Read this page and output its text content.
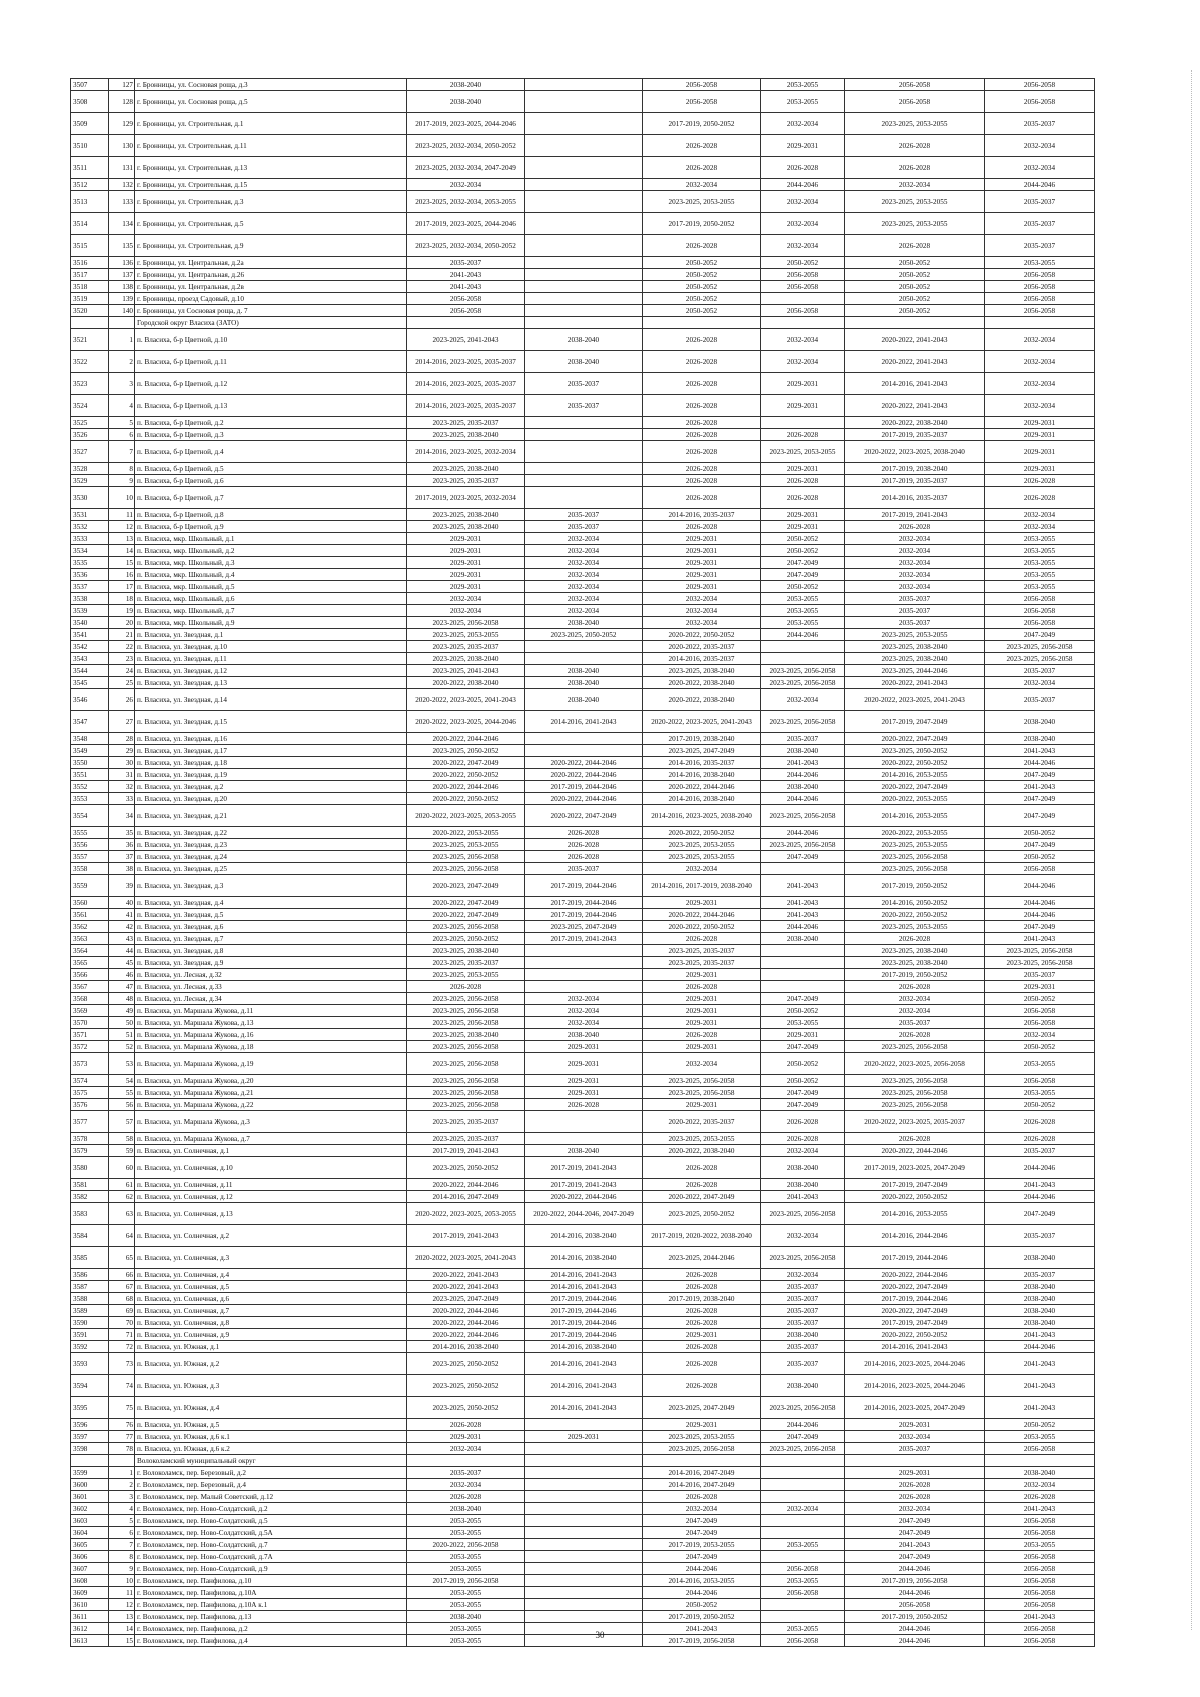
3507	127	г. Бронницы, ул. Сосновая роща, д.3	2038-2040		2056-2058	2053-2055	2056-2058	2056-2058
3508	128	г. Бронницы, ул. Сосновая роща, д.5	2038-2040		2056-2058	2053-2055	2056-2058	2056-2058
3509	129	г. Бронницы, ул. Строительная, д.1	2017-2019, 2023-2025, 2044-2046		2017-2019, 2050-2052	2032-2034	2023-2025, 2053-2055	2035-2037
3510	130	г. Бронницы, ул. Строительная, д.11	2023-2025, 2032-2034, 2050-2052		2026-2028	2029-2031	2026-2028	2032-2034
3511	131	г. Бронницы, ул. Строительная, д.13	2023-2025, 2032-2034, 2047-2049		2026-2028	2026-2028	2026-2028	2032-2034
3512	132	г. Бронницы, ул. Строительная, д.15	2032-2034		2032-2034	2044-2046	2032-2034	2044-2046
3513	133	г. Бронницы, ул. Строительная, д.3	2023-2025, 2032-2034, 2053-2055		2023-2025, 2053-2055	2032-2034	2023-2025, 2053-2055	2035-2037
3514	134	г. Бронницы, ул. Строительная, д.5	2017-2019, 2023-2025, 2044-2046		2017-2019, 2050-2052	2032-2034	2023-2025, 2053-2055	2035-2037
3515	135	г. Бронницы, ул. Строительная, д.9	2023-2025, 2032-2034, 2050-2052		2026-2028	2032-2034	2026-2028	2035-2037
3516	136	г. Бронницы, ул. Центральная, д.2а	2035-2037		2050-2052	2050-2052	2050-2052	2053-2055
3517	137	г. Бронницы, ул. Центральная, д.26	2041-2043		2050-2052	2056-2058	2050-2052	2056-2058
3518	138	г. Бронницы, ул. Центральная, д.2в	2041-2043		2050-2052	2056-2058	2050-2052	2056-2058
3519	139	г. Бронницы, проезд Садовый, д.10	2056-2058		2050-2052		2050-2052	2056-2058
3520	140	г. Бронницы, ул Сосновая роща, д. 7	2056-2058		2050-2052	2056-2058	2050-2052	2056-2058
		Городской округ Власиха (ЗАТО)						
3521	1	п. Власиха, б-р Цветной, д.10	2023-2025, 2041-2043	2038-2040	2026-2028	2032-2034	2020-2022, 2041-2043	2032-2034
3522	2	п. Власиха, б-р Цветной, д.11	2014-2016, 2023-2025, 2035-2037	2038-2040	2026-2028	2032-2034	2020-2022, 2041-2043	2032-2034
3523	3	п. Власиха, б-р Цветной, д.12	2014-2016, 2023-2025, 2035-2037	2035-2037	2026-2028	2029-2031	2014-2016, 2041-2043	2032-2034
3524	4	п. Власиха, б-р Цветной, д.13	2014-2016, 2023-2025, 2035-2037	2035-2037	2026-2028	2029-2031	2020-2022, 2041-2043	2032-2034
3525	5	п. Власиха, б-р Цветной, д.2	2023-2025, 2035-2037		2026-2028		2020-2022, 2038-2040	2029-2031
3526	6	п. Власиха, б-р Цветной, д.3	2023-2025, 2038-2040		2026-2028	2026-2028	2017-2019, 2035-2037	2029-2031
3527	7	п. Власиха, б-р Цветной, д.4	2014-2016, 2023-2025, 2032-2034		2026-2028	2023-2025, 2053-2055	2020-2022, 2023-2025, 2038-2040	2029-2031
3528	8	п. Власиха, б-р Цветной, д.5	2023-2025, 2038-2040		2026-2028	2029-2031	2017-2019, 2038-2040	2029-2031
3529	9	п. Власиха, б-р Цветной, д.6	2023-2025, 2035-2037		2026-2028	2026-2028	2017-2019, 2035-2037	2026-2028
3530	10	п. Власиха, б-р Цветной, д.7	2017-2019, 2023-2025, 2032-2034		2026-2028	2026-2028	2014-2016, 2035-2037	2026-2028
3531	11	п. Власиха, б-р Цветной, д.8	2023-2025, 2038-2040	2035-2037	2014-2016, 2035-2037	2029-2031	2017-2019, 2041-2043	2032-2034
3532	12	п. Власиха, б-р Цветной, д.9	2023-2025, 2038-2040	2035-2037	2026-2028	2029-2031	2026-2028	2032-2034
3533	13	п. Власиха, мкр. Школьный, д.1	2029-2031	2032-2034	2029-2031	2050-2052	2032-2034	2053-2055
3534	14	п. Власиха, мкр. Школьный, д.2	2029-2031	2032-2034	2029-2031	2050-2052	2032-2034	2053-2055
3535	15	п. Власиха, мкр. Школьный, д.3	2029-2031	2032-2034	2029-2031	2047-2049	2032-2034	2053-2055
3536	16	п. Власиха, мкр. Школьный, д.4	2029-2031	2032-2034	2029-2031	2047-2049	2032-2034	2053-2055
3537	17	п. Власиха, мкр. Школьный, д.5	2029-2031	2032-2034	2029-2031	2050-2052	2032-2034	2053-2055
3538	18	п. Власиха, мкр. Школьный, д.6	2032-2034	2032-2034	2032-2034	2053-2055	2035-2037	2056-2058
3539	19	п. Власиха, мкр. Школьный, д.7	2032-2034	2032-2034	2032-2034	2053-2055	2035-2037	2056-2058
3540	20	п. Власиха, мкр. Школьный, д.9	2023-2025, 2056-2058	2038-2040	2032-2034	2053-2055	2035-2037	2056-2058
3541	21	п. Власиха, ул. Звездная, д.1	2023-2025, 2053-2055	2023-2025, 2050-2052	2020-2022, 2050-2052	2044-2046	2023-2025, 2053-2055	2047-2049
3542	22	п. Власиха, ул. Звездная, д.10	2023-2025, 2035-2037		2020-2022, 2035-2037		2023-2025, 2038-2040	2023-2025, 2056-2058
3543	23	п. Власиха, ул. Звездная, д.11	2023-2025, 2038-2040		2014-2016, 2035-2037		2023-2025, 2038-2040	2023-2025, 2056-2058
3544	24	п. Власиха, ул. Звездная, д.12	2023-2025, 2041-2043	2038-2040	2023-2025, 2038-2040	2023-2025, 2056-2058	2023-2025, 2044-2046	2035-2037
3545	25	п. Власиха, ул. Звездная, д.13	2020-2022, 2038-2040	2038-2040	2020-2022, 2038-2040	2023-2025, 2056-2058	2020-2022, 2041-2043	2032-2034
3546	26	п. Власиха, ул. Звездная, д.14	2020-2022, 2023-2025, 2041-2043	2038-2040	2020-2022, 2038-2040	2032-2034	2020-2022, 2023-2025, 2041-2043	2035-2037
3547	27	п. Власиха, ул. Звездная, д.15	2020-2022, 2023-2025, 2044-2046	2014-2016, 2041-2043	2020-2022, 2023-2025, 2041-2043	2023-2025, 2056-2058	2017-2019, 2047-2049	2038-2040
3548	28	п. Власиха, ул. Звездная, д.16	2020-2022, 2044-2046		2017-2019, 2038-2040	2035-2037	2020-2022, 2047-2049	2038-2040
3549	29	п. Власиха, ул. Звездная, д.17	2023-2025, 2050-2052		2023-2025, 2047-2049	2038-2040	2023-2025, 2050-2052	2041-2043
3550	30	п. Власиха, ул. Звездная, д.18	2020-2022, 2047-2049	2020-2022, 2044-2046	2014-2016, 2035-2037	2041-2043	2020-2022, 2050-2052	2044-2046
3551	31	п. Власиха, ул. Звездная, д.19	2020-2022, 2050-2052	2020-2022, 2044-2046	2014-2016, 2038-2040	2044-2046	2014-2016, 2053-2055	2047-2049
3552	32	п. Власиха, ул. Звездная, д.2	2020-2022, 2044-2046	2017-2019, 2044-2046	2020-2022, 2044-2046	2038-2040	2020-2022, 2047-2049	2041-2043
3553	33	п. Власиха, ул. Звездная, д.20	2020-2022, 2050-2052	2020-2022, 2044-2046	2014-2016, 2038-2040	2044-2046	2020-2022, 2053-2055	2047-2049
3554	34	п. Власиха, ул. Звездная, д.21	2020-2022, 2023-2025, 2053-2055	2020-2022, 2047-2049	2014-2016, 2023-2025, 2038-2040	2023-2025, 2056-2058	2014-2016, 2053-2055	2047-2049
3555	35	п. Власиха, ул. Звездная, д.22	2020-2022, 2053-2055	2026-2028	2020-2022, 2050-2052	2044-2046	2020-2022, 2053-2055	2050-2052
3556	36	п. Власиха, ул. Звездная, д.23	2023-2025, 2053-2055	2026-2028	2023-2025, 2053-2055	2023-2025, 2056-2058	2023-2025, 2053-2055	2047-2049
3557	37	п. Власиха, ул. Звездная, д.24	2023-2025, 2056-2058	2026-2028	2023-2025, 2053-2055	2047-2049	2023-2025, 2056-2058	2050-2052
3558	38	п. Власиха, ул. Звездная, д.25	2023-2025, 2056-2058	2035-2037	2032-2034		2023-2025, 2056-2058	2056-2058
3559	39	п. Власиха, ул. Звездная, д.3	2020-2023, 2047-2049	2017-2019, 2044-2046	2014-2016, 2017-2019, 2038-2040	2041-2043	2017-2019, 2050-2052	2044-2046
3560	40	п. Власиха, ул. Звездная, д.4	2020-2022, 2047-2049	2017-2019, 2044-2046	2029-2031	2041-2043	2014-2016, 2050-2052	2044-2046
3561	41	п. Власиха, ул. Звездная, д.5	2020-2022, 2047-2049	2017-2019, 2044-2046	2020-2022, 2044-2046	2041-2043	2020-2022, 2050-2052	2044-2046
3562	42	п. Власиха, ул. Звездная, д.6	2023-2025, 2056-2058	2023-2025, 2047-2049	2020-2022, 2050-2052	2044-2046	2023-2025, 2053-2055	2047-2049
3563	43	п. Власиха, ул. Звездная, д.7	2023-2025, 2050-2052	2017-2019, 2041-2043	2026-2028	2038-2040	2026-2028	2041-2043
3564	44	п. Власиха, ул. Звездная, д.8	2023-2025, 2038-2040		2023-2025, 2035-2037		2023-2025, 2038-2040	2023-2025, 2056-2058
3565	45	п. Власиха, ул. Звездная, д.9	2023-2025, 2035-2037		2023-2025, 2035-2037		2023-2025, 2038-2040	2023-2025, 2056-2058
3566	46	п. Власиха, ул. Лесная, д.32	2023-2025, 2053-2055		2029-2031		2017-2019, 2050-2052	2035-2037
3567	47	п. Власиха, ул. Лесная, д.33	2026-2028		2026-2028		2026-2028	2029-2031
3568	48	п. Власиха, ул. Лесная, д.34	2023-2025, 2056-2058	2032-2034	2029-2031	2047-2049	2032-2034	2050-2052
3569	49	п. Власиха, ул. Маршала Жукова, д.11	2023-2025, 2056-2058	2032-2034	2029-2031	2050-2052	2032-2034	2056-2058
3570	50	п. Власиха, ул. Маршала Жукова, д.13	2023-2025, 2056-2058	2032-2034	2029-2031	2053-2055	2035-2037	2056-2058
3571	51	п. Власиха, ул. Маршала Жукова, д.16	2023-2025, 2038-2040	2038-2040	2026-2028	2029-2031	2026-2028	2032-2034
3572	52	п. Власиха, ул. Маршала Жукова, д.18	2023-2025, 2056-2058	2029-2031	2029-2031	2047-2049	2023-2025, 2056-2058	2050-2052
3573	53	п. Власиха, ул. Маршала Жукова, д.19	2023-2025, 2056-2058	2029-2031	2032-2034	2050-2052	2020-2022, 2023-2025, 2056-2058	2053-2055
3574	54	п. Власиха, ул. Маршала Жукова, д.20	2023-2025, 2056-2058	2029-2031	2023-2025, 2056-2058	2050-2052	2023-2025, 2056-2058	2056-2058
3575	55	п. Власиха, ул. Маршала Жукова, д.21	2023-2025, 2056-2058	2029-2031	2023-2025, 2056-2058	2047-2049	2023-2025, 2056-2058	2053-2055
3576	56	п. Власиха, ул. Маршала Жукова, д.22	2023-2025, 2056-2058	2026-2028	2029-2031	2047-2049	2023-2025, 2056-2058	2050-2052
3577	57	п. Власиха, ул. Маршала Жукова, д.3	2023-2025, 2035-2037		2020-2022, 2035-2037	2026-2028	2020-2022, 2023-2025, 2035-2037	2026-2028
3578	58	п. Власиха, ул. Маршала Жукова, д.7	2023-2025, 2035-2037		2023-2025, 2053-2055	2026-2028	2026-2028	2026-2028
3579	59	п. Власиха, ул. Солнечная, д.1	2017-2019, 2041-2043	2038-2040	2020-2022, 2038-2040	2032-2034	2020-2022, 2044-2046	2035-2037
3580	60	п. Власиха, ул. Солнечная, д.10	2023-2025, 2050-2052	2017-2019, 2041-2043	2026-2028	2038-2040	2017-2019, 2023-2025, 2047-2049	2044-2046
3581	61	п. Власиха, ул. Солнечная, д.11	2020-2022, 2044-2046	2017-2019, 2041-2043	2026-2028	2038-2040	2017-2019, 2047-2049	2041-2043
3582	62	п. Власиха, ул. Солнечная, д.12	2014-2016, 2047-2049	2020-2022, 2044-2046	2020-2022, 2047-2049	2041-2043	2020-2022, 2050-2052	2044-2046
3583	63	п. Власиха, ул. Солнечная, д.13	2020-2022, 2023-2025, 2053-2055	2020-2022, 2044-2046, 2047-2049	2023-2025, 2050-2052	2023-2025, 2056-2058	2014-2016, 2053-2055	2047-2049
3584	64	п. Власиха, ул. Солнечная, д.2	2017-2019, 2041-2043	2014-2016, 2038-2040	2017-2019, 2020-2022, 2038-2040	2032-2034	2014-2016, 2044-2046	2035-2037
3585	65	п. Власиха, ул. Солнечная, д.3	2020-2022, 2023-2025, 2041-2043	2014-2016, 2038-2040	2023-2025, 2044-2046	2023-2025, 2056-2058	2017-2019, 2044-2046	2038-2040
3586	66	п. Власиха, ул. Солнечная, д.4	2020-2022, 2041-2043	2014-2016, 2041-2043	2026-2028	2032-2034	2020-2022, 2044-2046	2035-2037
3587	67	п. Власиха, ул. Солнечная, д.5	2020-2022, 2041-2043	2014-2016, 2041-2043	2026-2028	2035-2037	2020-2022, 2047-2049	2038-2040
3588	68	п. Власиха, ул. Солнечная, д.6	2023-2025, 2047-2049	2017-2019, 2044-2046	2017-2019, 2038-2040	2035-2037	2017-2019, 2044-2046	2038-2040
3589	69	п. Власиха, ул. Солнечная, д.7	2020-2022, 2044-2046	2017-2019, 2044-2046	2026-2028	2035-2037	2020-2022, 2047-2049	2038-2040
3590	70	п. Власиха, ул. Солнечная, д.8	2020-2022, 2044-2046	2017-2019, 2044-2046	2026-2028	2035-2037	2017-2019, 2047-2049	2038-2040
3591	71	п. Власиха, ул. Солнечная, д.9	2020-2022, 2044-2046	2017-2019, 2044-2046	2029-2031	2038-2040	2020-2022, 2050-2052	2041-2043
3592	72	п. Власиха, ул. Южная, д.1	2014-2016, 2038-2040	2014-2016, 2038-2040	2026-2028	2035-2037	2014-2016, 2041-2043	2044-2046
3593	73	п. Власиха, ул. Южная, д.2	2023-2025, 2050-2052	2014-2016, 2041-2043	2026-2028	2035-2037	2014-2016, 2023-2025, 2044-2046	2041-2043
3594	74	п. Власиха, ул. Южная, д.3	2023-2025, 2050-2052	2014-2016, 2041-2043	2026-2028	2038-2040	2014-2016, 2023-2025, 2044-2046	2041-2043
3595	75	п. Власиха, ул. Южная, д.4	2023-2025, 2050-2052	2014-2016, 2041-2043	2023-2025, 2047-2049	2023-2025, 2056-2058	2014-2016, 2023-2025, 2047-2049	2041-2043
3596	76	п. Власиха, ул. Южная, д.5	2026-2028		2029-2031	2044-2046	2029-2031	2050-2052
3597	77	п. Власиха, ул. Южная, д.6 к.1	2029-2031	2029-2031	2023-2025, 2053-2055	2047-2049	2032-2034	2053-2055
3598	78	п. Власиха, ул. Южная, д.6 к.2	2032-2034		2023-2025, 2056-2058	2023-2025, 2056-2058	2035-2037	2056-2058
		Волоколамский муниципальный округ						
3599	1	г. Волоколамск, пер. Березовый, д.2	2035-2037		2014-2016, 2047-2049		2029-2031	2038-2040
3600	2	г. Волоколамск, пер. Березовый, д.4	2032-2034		2014-2016, 2047-2049		2026-2028	2032-2034
3601	3	г. Волоколамск, пер. Малый Советский, д.12	2026-2028		2026-2028		2026-2028	2026-2028
3602	4	г. Волоколамск, пер. Ново-Солдатский, д.2	2038-2040		2032-2034	2032-2034	2032-2034	2041-2043
3603	5	г. Волоколамск, пер. Ново-Солдатский, д.5	2053-2055		2047-2049		2047-2049	2056-2058
3604	6	г. Волоколамск, пер. Ново-Солдатский, д.5А	2053-2055		2047-2049		2047-2049	2056-2058
3605	7	г. Волоколамск, пер. Ново-Солдатский, д.7	2020-2022, 2056-2058		2017-2019, 2053-2055	2053-2055	2041-2043	2053-2055
3606	8	г. Волоколамск, пер. Ново-Солдатский, д.7А	2053-2055		2047-2049		2047-2049	2056-2058
3607	9	г. Волоколамск, пер. Ново-Солдатский, д.9	2053-2055		2044-2046	2056-2058	2044-2046	2056-2058
3608	10	г. Волоколамск, пер. Панфилова, д.10	2017-2019, 2056-2058		2014-2016, 2053-2055	2053-2055	2017-2019, 2056-2058	2056-2058
3609	11	г. Волоколамск, пер. Панфилова, д.10А	2053-2055		2044-2046	2056-2058	2044-2046	2056-2058
3610	12	г. Волоколамск, пер. Панфилова, д.10А к.1	2053-2055		2050-2052		2056-2058	2056-2058
3611	13	г. Волоколамск, пер. Панфилова, д.13	2038-2040		2017-2019, 2050-2052		2017-2019, 2050-2052	2041-2043
3612	14	г. Волоколамск, пер. Панфилова, д.2	2053-2055		2041-2043	2053-2055	2044-2046	2056-2058
3613	15	г. Волоколамск, пер. Панфилова, д.4	2053-2055		2017-2019, 2056-2058	2056-2058	2044-2046	2056-2058
30
